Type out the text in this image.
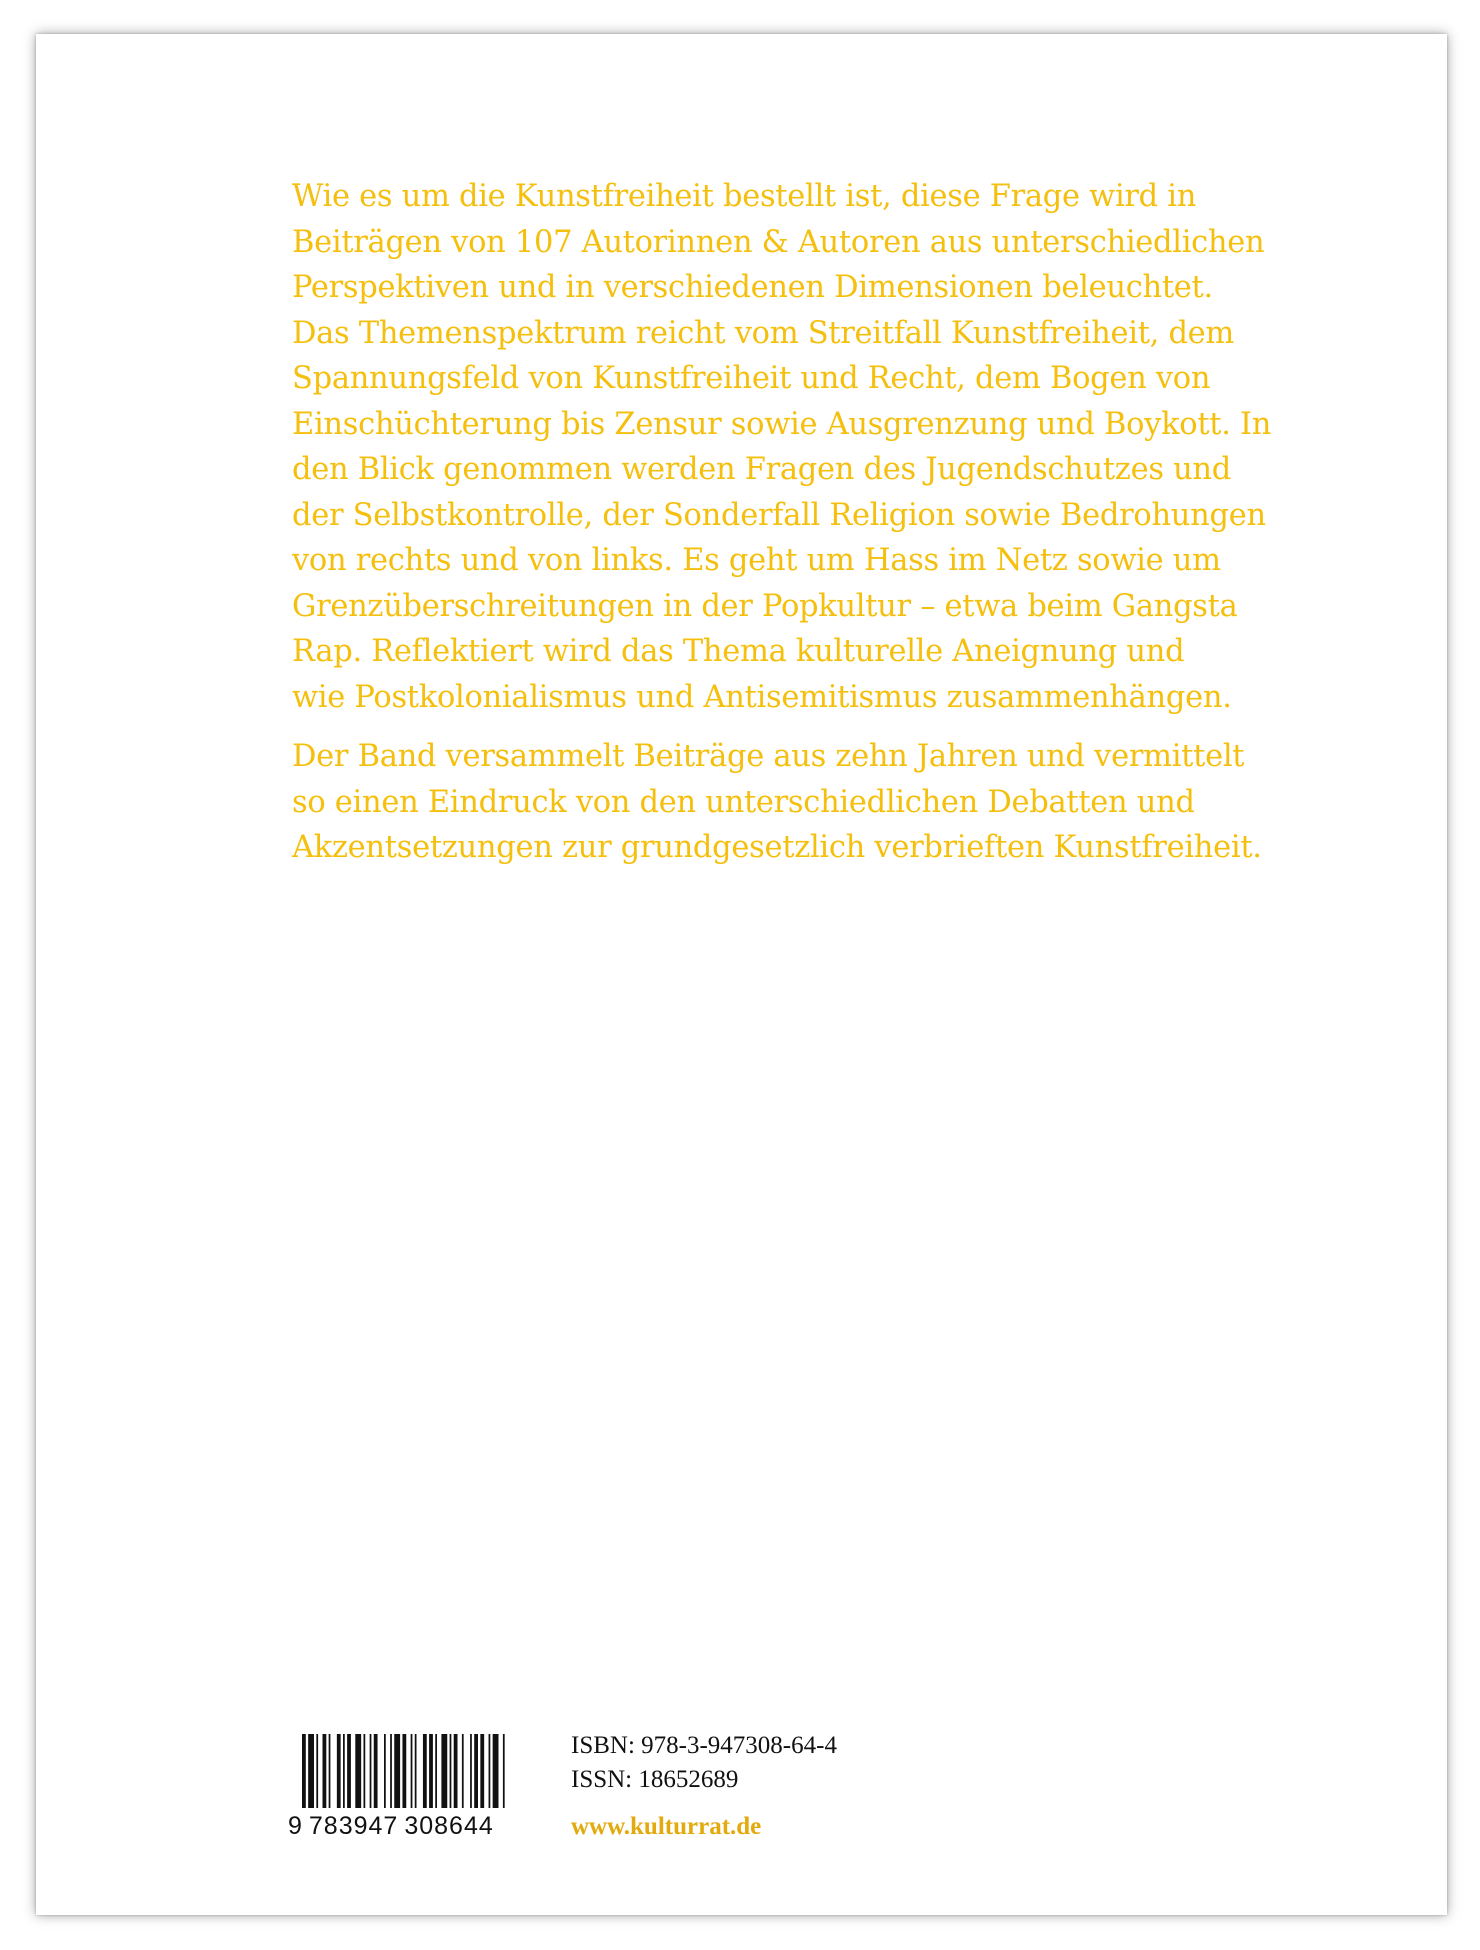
Wie es um die Kunstfreiheit bestellt ist, diese Frage wird in
Beiträgen von 107 Autorinnen & Autoren aus unterschiedlichen
Perspektiven und in verschiedenen Dimensionen beleuchtet.
Das Themenspektrum reicht vom Streitfall Kunstfreiheit, dem
Spannungsfeld von Kunstfreiheit und Recht, dem Bogen von
Einschüchterung bis Zensur sowie Ausgrenzung und Boykott. In
den Blick genommen werden Fragen des Jugendschutzes und
der Selbstkontrolle, der Sonderfall Religion sowie Bedrohungen
von rechts und von links. Es geht um Hass im Netz sowie um
Grenzüberschreitungen in der Popkultur – etwa beim Gangsta
Rap. Reflektiert wird das Thema kulturelle Aneignung und
wie Postkolonialismus und Antisemitismus zusammenhängen.

Der Band versammelt Beiträge aus zehn Jahren und vermittelt
so einen Eindruck von den unterschiedlichen Debatten und
Akzentsetzungen zur grundgesetzlich verbrieften Kunstfreiheit.

9 783947 308644
ISBN: 978-3-947308-64-4
ISSN: 18652689
www.kulturrat.de
